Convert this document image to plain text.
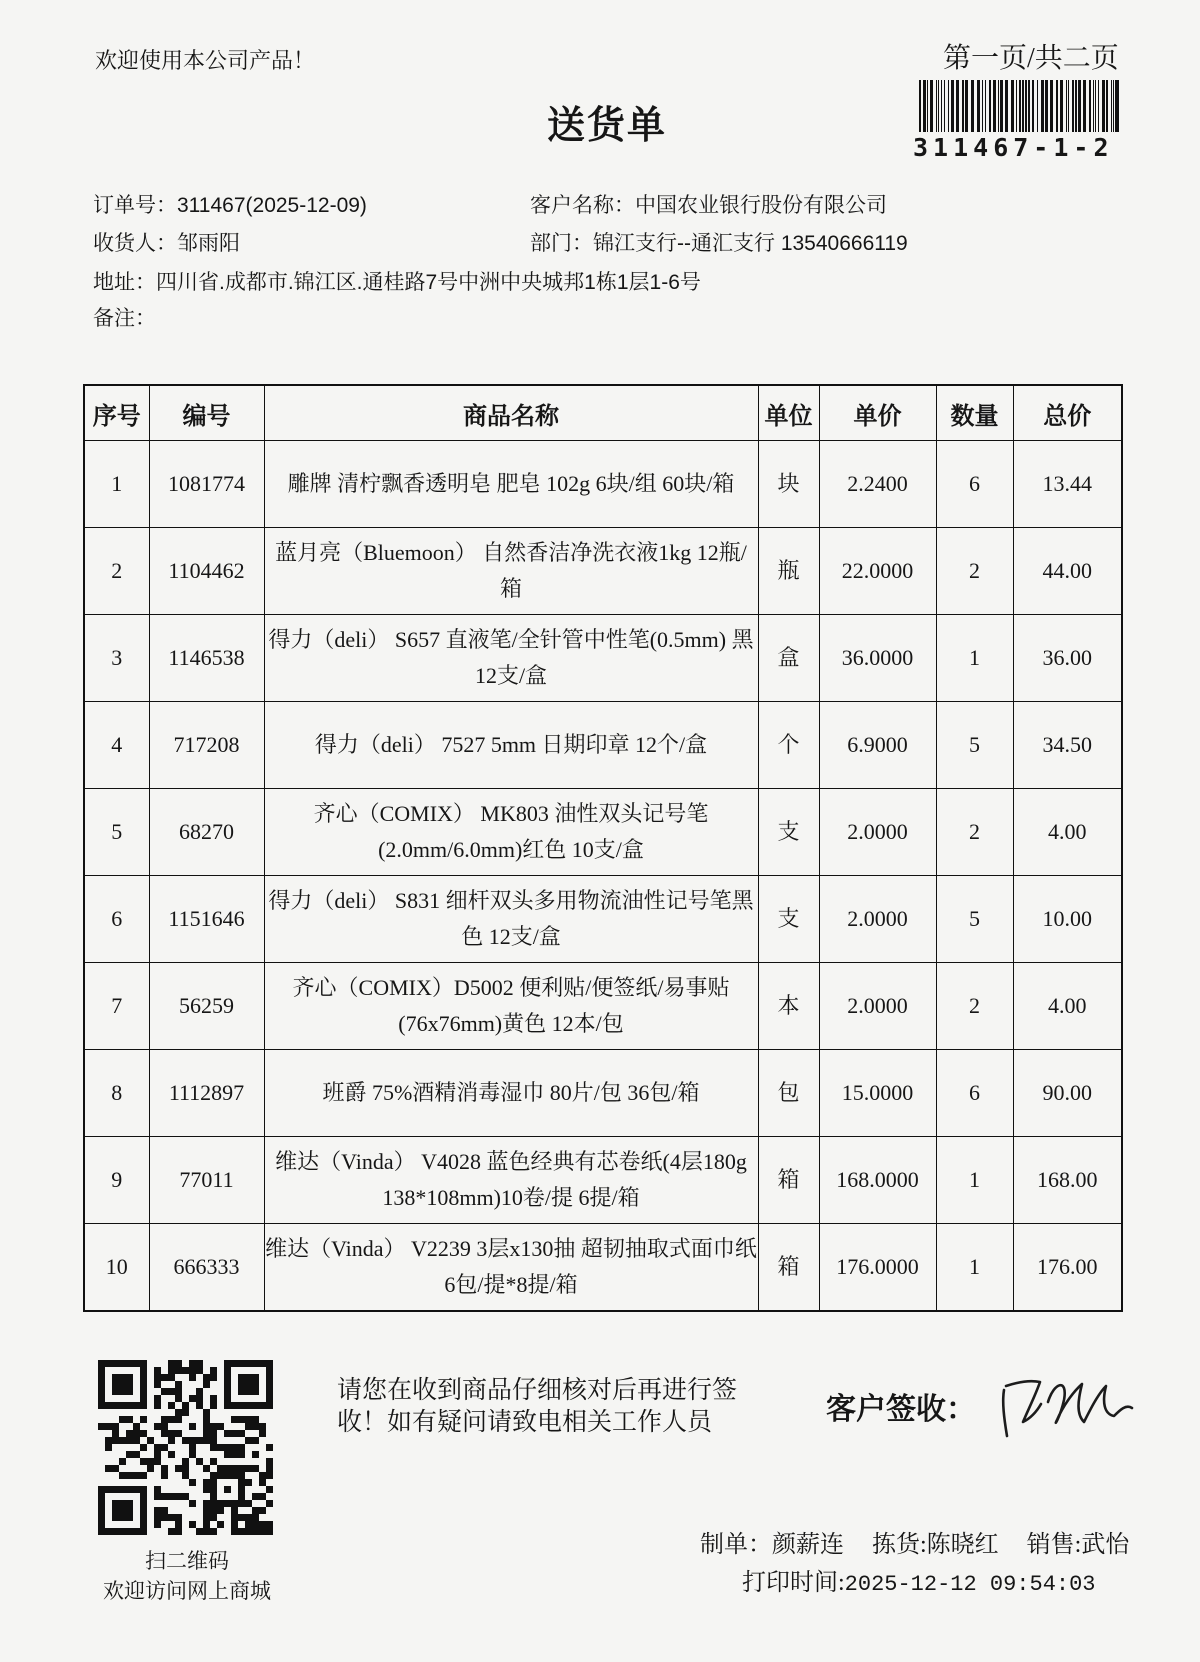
欢迎使用本公司产品！	第一页/共二页
311467-1-2
送货单
订单号：311467(2025-12-09)	客户名称：中国农业银行股份有限公司
收货人：邹雨阳	部门：锦江支行--通汇支行 13540666119
地址：四川省.成都市.锦江区.通桂路7号中洲中央城邦1栋1层1-6号
备注：
序号	编号	商品名称	单位	单价	数量	总价
1	1081774	雕牌 清柠飘香透明皂 肥皂 102g 6块/组 60块/箱	块	2.2400	6	13.44
2	1104462	蓝月亮（Bluemoon） 自然香洁净洗衣液1kg 12瓶/箱	瓶	22.0000	2	44.00
3	1146538	得力（deli） S657 直液笔/全针管中性笔(0.5mm) 黑 12支/盒	盒	36.0000	1	36.00
4	717208	得力（deli） 7527 5mm 日期印章 12个/盒	个	6.9000	5	34.50
5	68270	齐心（COMIX） MK803 油性双头记号笔(2.0mm/6.0mm)红色 10支/盒	支	2.0000	2	4.00
6	1151646	得力（deli） S831 细杆双头多用物流油性记号笔黑色 12支/盒	支	2.0000	5	10.00
7	56259	齐心（COMIX）D5002 便利贴/便签纸/易事贴(76x76mm)黄色 12本/包	本	2.0000	2	4.00
8	1112897	班爵 75%酒精消毒湿巾 80片/包 36包/箱	包	15.0000	6	90.00
9	77011	维达（Vinda） V4028 蓝色经典有芯卷纸(4层180g 138*108mm)10卷/提 6提/箱	箱	168.0000	1	168.00
10	666333	维达（Vinda） V2239 3层x130抽 超韧抽取式面巾纸 6包/提*8提/箱	箱	176.0000	1	176.00
扫二维码
欢迎访问网上商城
请您在收到商品仔细核对后再进行签收！如有疑问请致电相关工作人员	客户签收：
制单：颜薪连 拣货:陈晓红 销售:武怡
打印时间:2025-12-12 09:54:03
